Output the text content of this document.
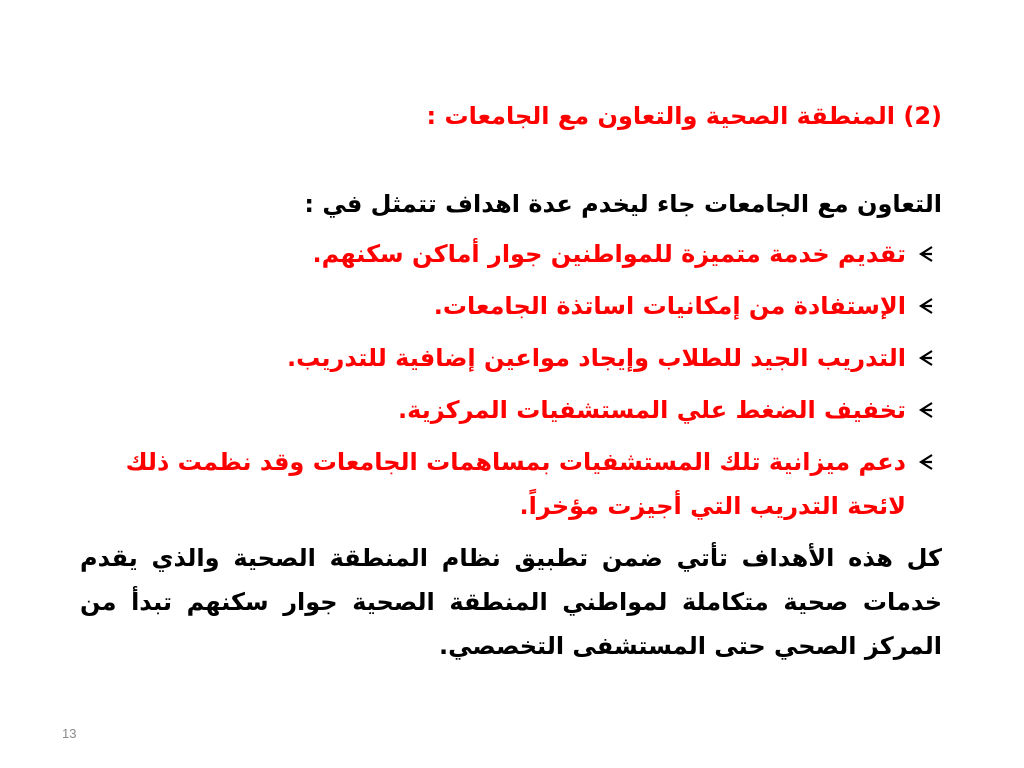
(2) المنطقة الصحية والتعاون مع الجامعات :

التعاون مع الجامعات جاء ليخدم عدة اهداف تتمثل في :

تقديم خدمة متميزة للمواطنين جوار أماكن سكنهم.
الإستفادة من إمكانيات اساتذة الجامعات.
التدريب الجيد للطلاب وإيجاد مواعين إضافية للتدريب.
تخفيف الضغط علي المستشفيات المركزية.
دعم ميزانية تلك المستشفيات بمساهمات الجامعات وقد نظمت ذلك لائحة التدريب التي أجيزت مؤخراً.

كل هذه الأهداف تأتي ضمن تطبيق نظام المنطقة الصحية والذي يقدم خدمات صحية متكاملة لمواطني المنطقة الصحية جوار سكنهم تبدأ من المركز الصحي حتى المستشفى التخصصي.

13
